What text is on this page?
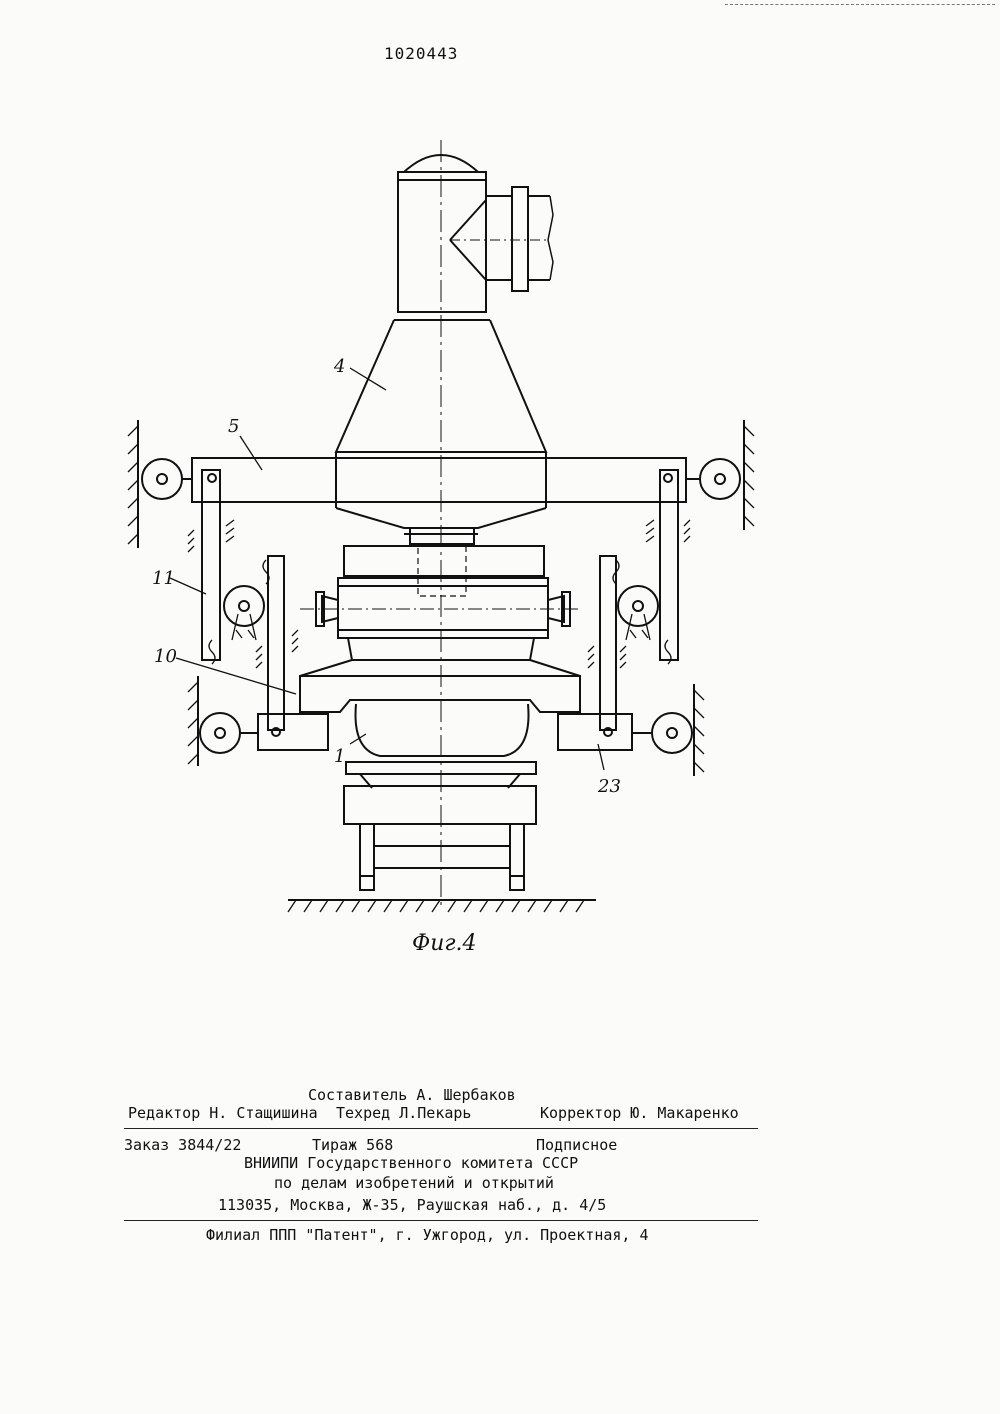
1020443
4
5
11
10
1
23
Фиг.4
Составитель А. Шербаков
Редактор Н. Стащишина Техред Л.Пекарь	Корректор Ю. Макаренко
Заказ 3844/22	Тираж 568	Подписное
ВНИИПИ Государственного комитета СССР
по делам изобретений и открытий
113035, Москва, Ж-35, Раушская наб., д. 4/5
Филиал ППП "Патент", г. Ужгород, ул. Проектная, 4
